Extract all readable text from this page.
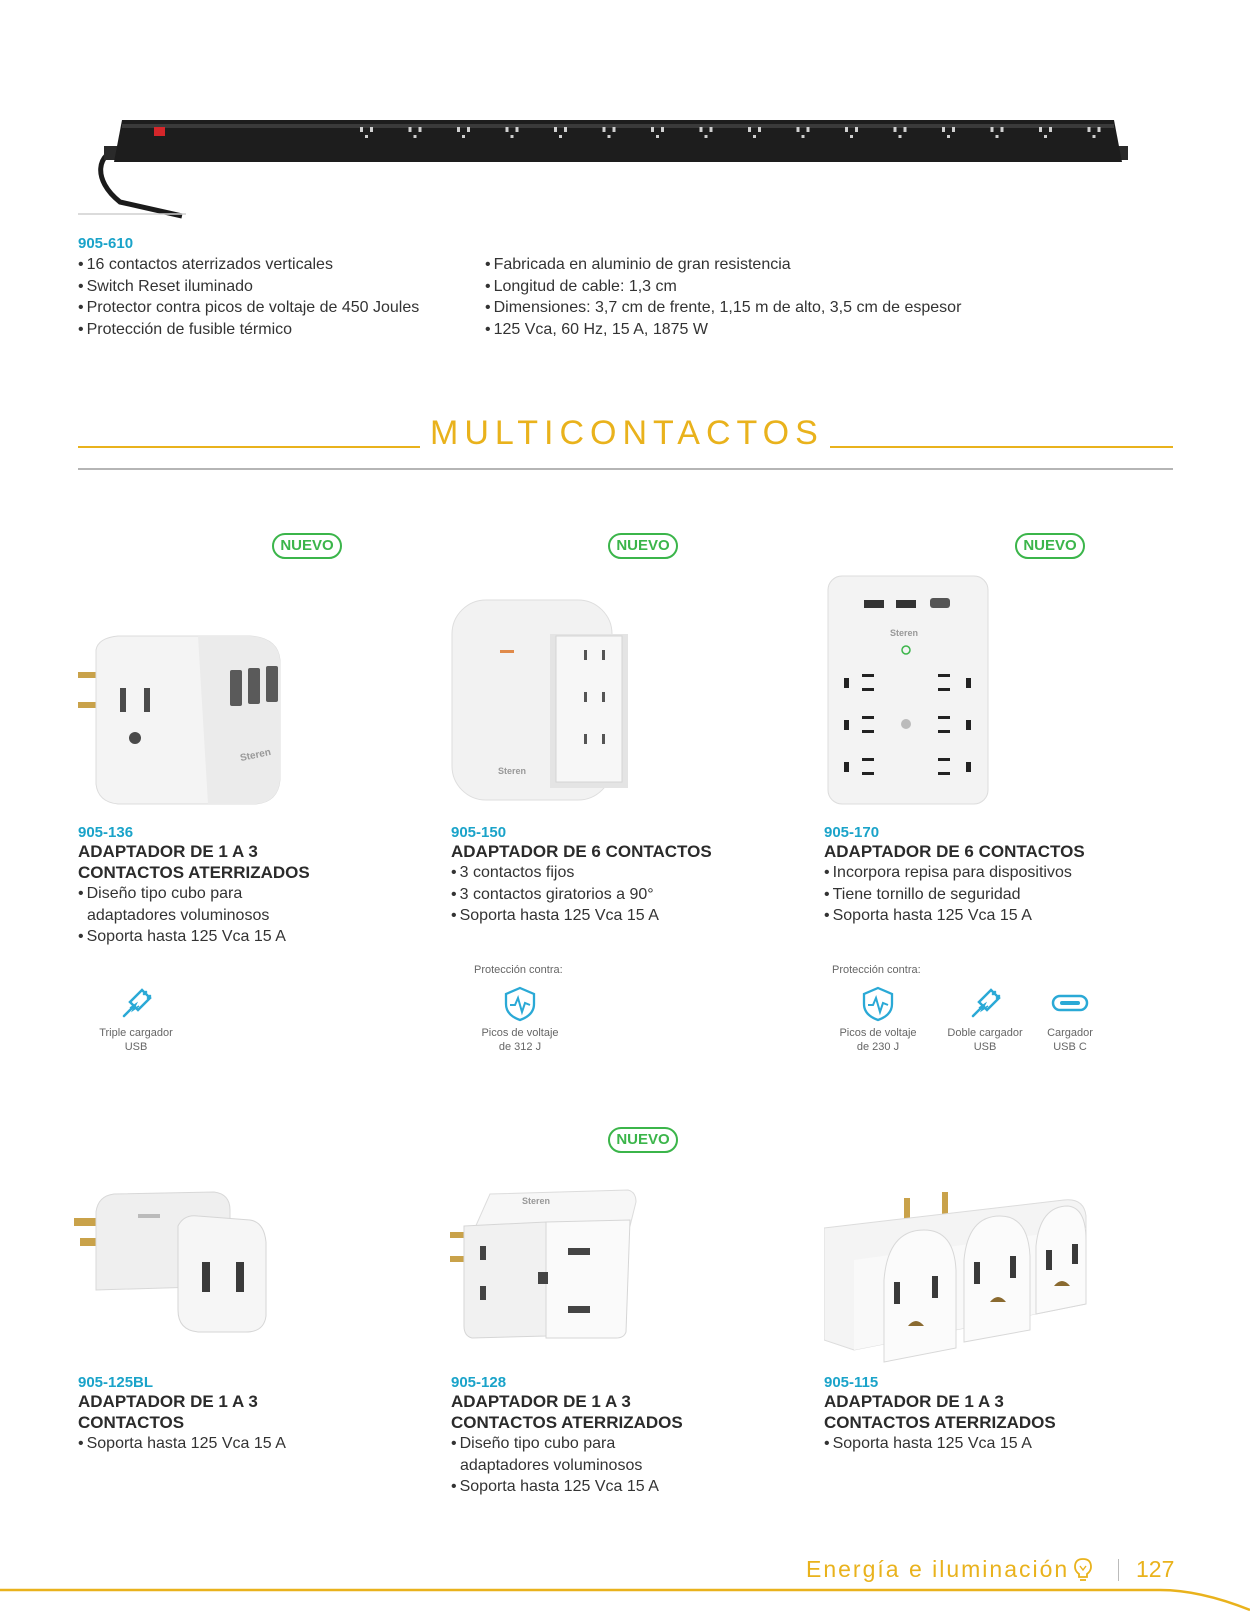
905-610

• 16 contactos aterrizados verticales

• Switch Reset iluminado

• Protector contra picos de voltaje de 450 Joules

• Protección de fusible térmico

• Fabricada en aluminio de gran resistencia

• Longitud de cable: 1,3 cm

• Dimensiones: 3,7 cm de frente, 1,15 m de alto, 3,5 cm de espesor

• 125 Vca, 60 Hz, 15 A, 1875 W

MULTICONTACTOS
NUEVO	NUEVO	NUEVO
NUEVO
Steren
Steren
Steren
905-136
ADAPTADOR DE 1 A 3
CONTACTOS ATERRIZADOS

• Diseño tipo cubo para adaptadores voluminosos

• Soporta hasta 125 Vca 15 A

905-150
ADAPTADOR DE 6 CONTACTOS

• 3 contactos fijos

• 3 contactos giratorios a 90°

• Soporta hasta 125 Vca 15 A

905-170
ADAPTADOR DE 6 CONTACTOS

• Incorpora repisa para dispositivos

• Tiene tornillo de seguridad

• Soporta hasta 125 Vca 15 A

Triple cargador
USB
Protección contra:
Picos de voltaje
de 312 J
Protección contra:
Picos de voltaje
de 230 J
Doble cargador
USB
Cargador
USB C
Steren
905-125BL
ADAPTADOR DE 1 A 3
CONTACTOS

• Soporta hasta 125 Vca 15 A

905-128
ADAPTADOR DE 1 A 3
CONTACTOS ATERRIZADOS

• Diseño tipo cubo para adaptadores voluminosos

• Soporta hasta 125 Vca 15 A

905-115
ADAPTADOR DE 1 A 3
CONTACTOS ATERRIZADOS

• Soporta hasta 125 Vca 15 A

Energía e iluminación	127
